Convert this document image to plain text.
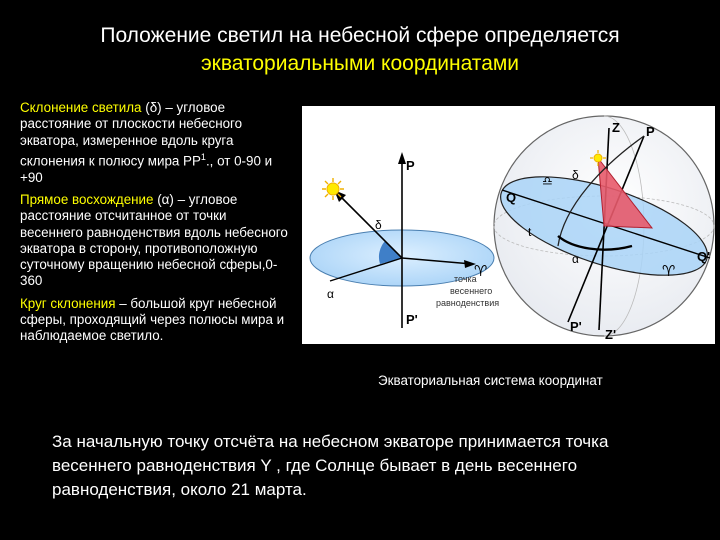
Положение светил на небесной сфере определяется
экваториальными координатами

Склонение светила (δ) – угловое расстояние от плоскости небесного экватора, измеренное вдоль круга склонения к полюсу мира $PP^1$., от 0-90 и +90

Прямое восхождение (α) – угловое расстояние отсчитанное от точки весеннего равноденствия вдоль небесного экватора в сторону, противоположную суточному вращению небесной сферы,0-360

Круг склонения – большой круг небесной сферы, проходящий через полюсы мира и наблюдаемое светило.

P
P'
δ
α
♈
точка
весеннего
равноденствия
Z P
Q
Q'
P'
Z'
δ
α
t
♈
♎
Экваториальная система координат
За начальную точку отсчёта на небесном экваторе принимается точка весеннего равноденствия Υ , где Солнце бывает в день весеннего равноденствия, около 21 марта.
